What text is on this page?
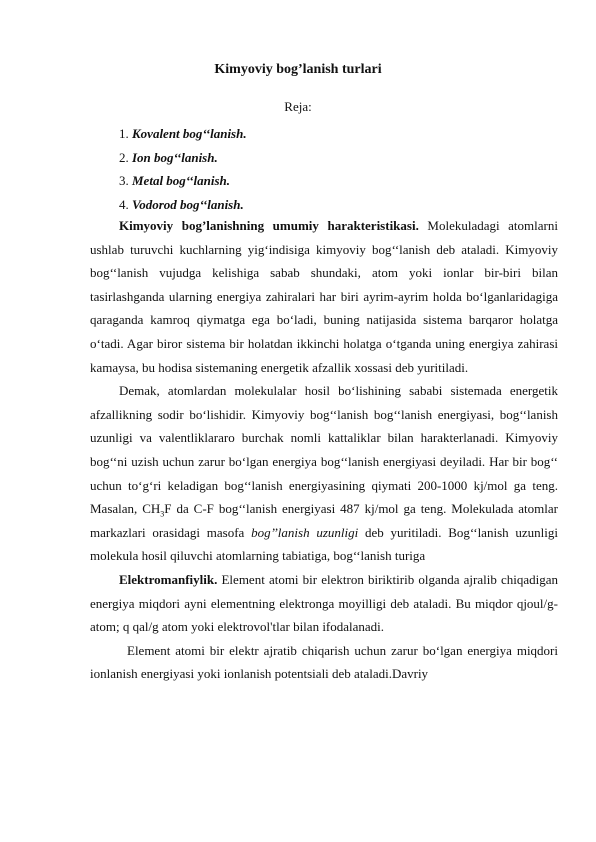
Kimyoviy bog’lanish turlari
Reja:
1. Kovalent bog‘‘lanish.
2. Ion bog‘‘lanish.
3. Metal bog‘‘lanish.
4. Vodorod bog‘‘lanish.

Kimyoviy bog’lanishning umumiy harakteristikasi. Molekuladagi atomlarni ushlab turuvchi kuchlarning yig‘indisiga kimyoviy bog‘‘lanish deb ataladi. Kimyoviy bog‘‘lanish vujudga kelishiga sabab shundaki, atom yoki ionlar bir-biri bilan tasirlashganda ularning energiya zahiralari har biri ayrim-ayrim holda bo‘lganlaridagiga qaraganda kamroq qiymatga ega bo‘ladi, buning natijasida sistema barqaror holatga o‘tadi. Agar biror sistema bir holatdan ikkinchi holatga o‘tganda uning energiya zahirasi kamaysa, bu hodisa sistemaning energetik afzallik xossasi deb yuritiladi.

Demak, atomlardan molekulalar hosil bo‘lishining sababi sistemada energetik afzallikning sodir bo‘lishidir. Kimyoviy bog‘‘lanish bog‘‘lanish energiyasi, bog‘‘lanish uzunligi va valentliklararo burchak nomli kattaliklar bilan harakterlanadi. Kimyoviy bog‘‘ni uzish uchun zarur bo‘lgan energiya bog‘‘lanish energiyasi deyiladi. Har bir bog‘‘ uchun to‘g‘ri keladigan bog‘‘lanish energiyasining qiymati 200-1000 kj/mol ga teng. Masalan, $CH_3F$ da C-F bog‘‘lanish energiyasi 487 kj/mol ga teng. Molekulada atomlar markazlari orasidagi masofa bog’’lanish uzunligi deb yuritiladi. Bog‘‘lanish uzunligi molekula hosil qiluvchi atomlarning tabiatiga, bog‘‘lanish turiga

Elektromanfiylik. Element atomi bir elektron biriktirib olganda ajralib chiqadigan energiya miqdori ayni elementning elektronga moyilligi deb ataladi. Bu miqdor qjoul/g-atom; q qal/g atom yoki elektrovol'tlar bilan ifodalanadi.

Element atomi bir elektr ajratib chiqarish uchun zarur bo‘lgan energiya miqdori ionlanish energiyasi yoki ionlanish potentsiali deb ataladi.Davriy
